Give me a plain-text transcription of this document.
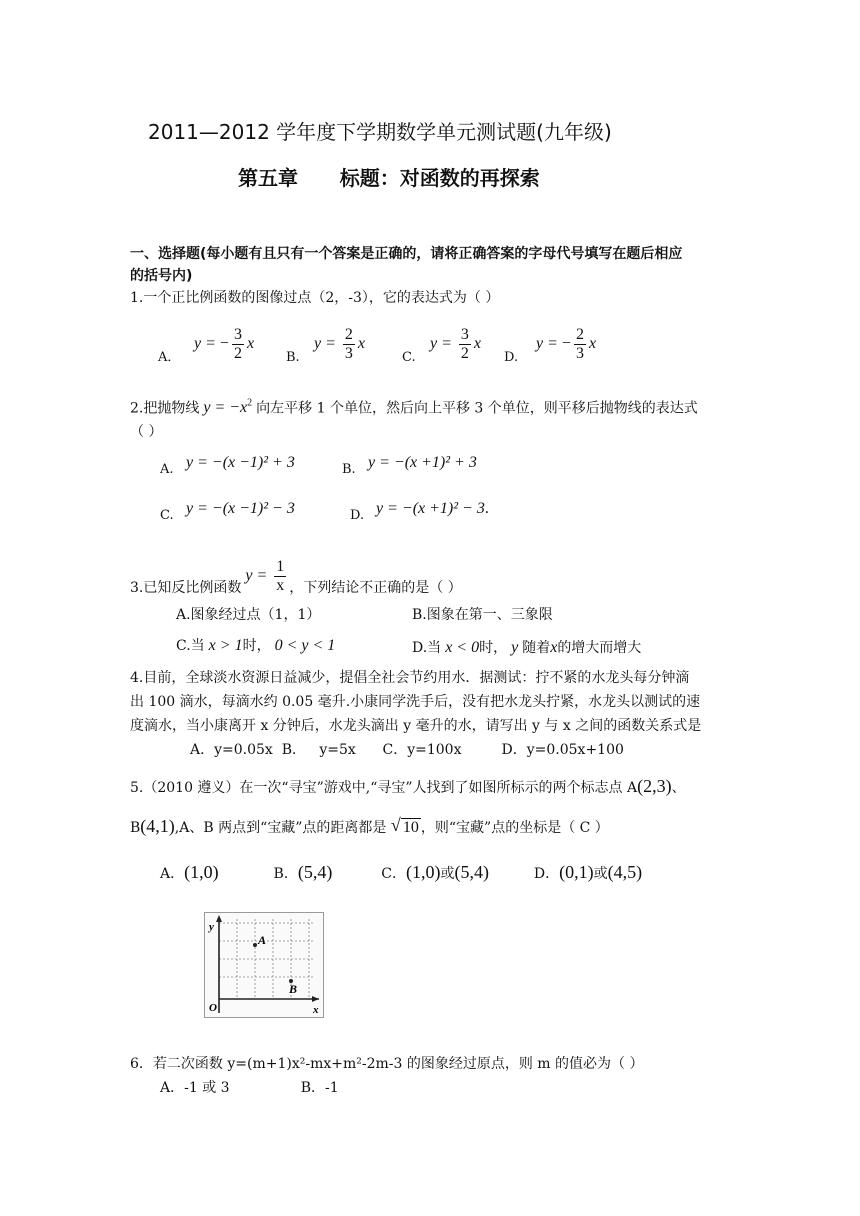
2011—2012 学年度下学期数学单元测试题(九年级)
第五章      标题：对函数的再探索
一、选择题(每小题有且只有一个答案是正确的，请将正确答案的字母代号填写在题后相应
的括号内)
1.一个正比例函数的图像过点（2，-3），它的表达式为（ ）
A．
y = − $\frac{3}{2}$ x
B.
$y = \frac{2}{3}$ x
C.
$y = \frac{3}{2}$ x
D.
y = − $\frac{2}{3}$ x
2.把抛物线 $y = -x^2$ 向左平移 1 个单位，然后向上平移 3 个单位，则平移后抛物线的表达式
（ ）
A. y = −(x −1)² + 3	B. y = −(x +1)² + 3
C. y = −(x −1)² − 3	D. y = −(x +1)² − 3.
3.已知反比例函数 $y = \frac{1}{x}$ ，下列结论不正确的是（ ）
A.图象经过点（1，1）	B.图象在第一、三象限
C.当 x > 1时， 0 < y < 1	D.当 x < 0时， y 随着x的增大而增大
4.目前，全球淡水资源日益减少，提倡全社会节约用水．据测试：拧不紧的水龙头每分钟滴
出 100 滴水，每滴水约 0.05 毫升.小康同学洗手后，没有把水龙头拧紧，水龙头以测试的速
度滴水，当小康离开 x 分钟后，水龙头滴出 y 毫升的水，请写出 y 与 x 之间的函数关系式是
A．y=0.05x  B．   y=5x      C．y=100x         D．y=0.05x+100
5.（2010 遵义）在一次“寻宝”游戏中,“寻宝”人找到了如图所标示的两个标志点 A(2,3)、
B(4,1),A、B 两点到“宝藏”点的距离都是 √ 10 ，则“宝藏”点的坐标是（ C ）
A．(1,0)	B．(5,4)	C．(1,0)或(5,4)	D．(0,1)或(4,5)
A
B
y
x
O
6．若二次函数 y=(m+1)x²-mx+m²-2m-3 的图象经过原点，则 m 的值必为（ ）
A．-1 或 3                B．-1
